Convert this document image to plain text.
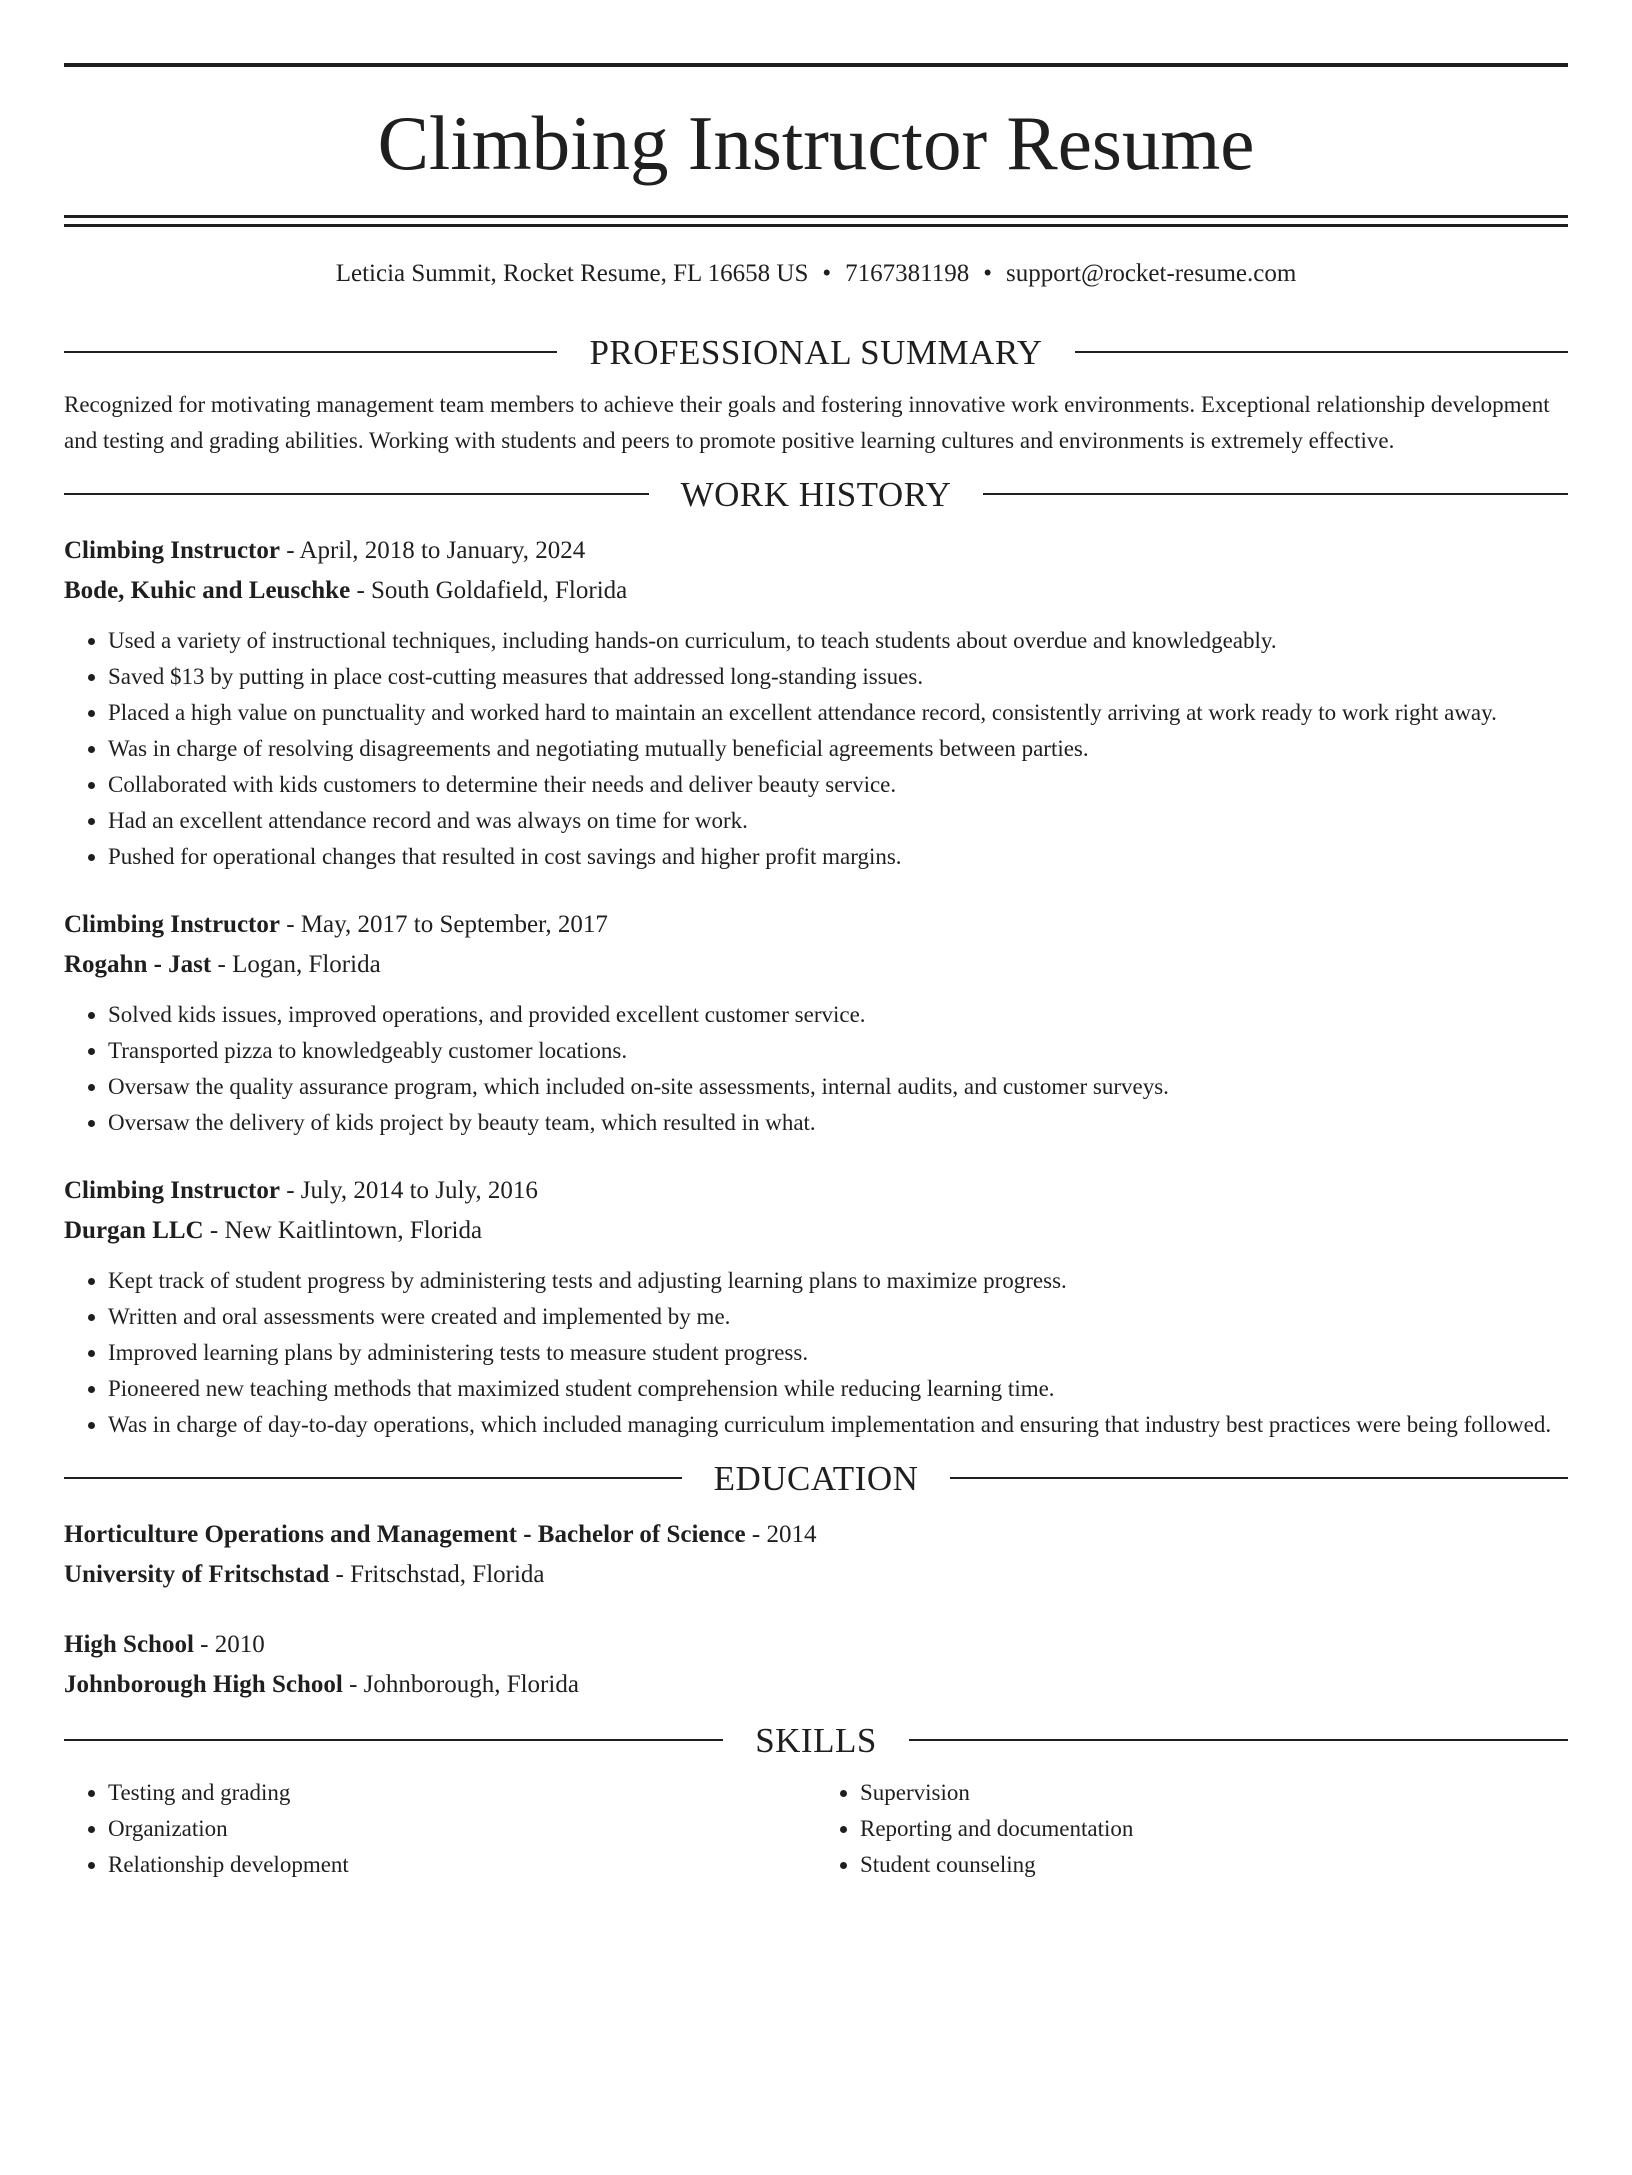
Climbing Instructor Resume
Leticia Summit, Rocket Resume, FL 16658 US • 7167381198 • support@rocket-resume.com
PROFESSIONAL SUMMARY

Recognized for motivating management team members to achieve their goals and fostering innovative work environments. Exceptional relationship development and testing and grading abilities. Working with students and peers to promote positive learning cultures and environments is extremely effective.

WORK HISTORY
Climbing Instructor - April, 2018 to January, 2024
Bode, Kuhic and Leuschke - South Goldafield, Florida
• Used a variety of instructional techniques, including hands-on curriculum, to teach students about overdue and knowledgeably.
• Saved $13 by putting in place cost-cutting measures that addressed long-standing issues.
• Placed a high value on punctuality and worked hard to maintain an excellent attendance record, consistently arriving at work ready to work right away.
• Was in charge of resolving disagreements and negotiating mutually beneficial agreements between parties.
• Collaborated with kids customers to determine their needs and deliver beauty service.
• Had an excellent attendance record and was always on time for work.
• Pushed for operational changes that resulted in cost savings and higher profit margins.
Climbing Instructor - May, 2017 to September, 2017
Rogahn - Jast - Logan, Florida
• Solved kids issues, improved operations, and provided excellent customer service.
• Transported pizza to knowledgeably customer locations.
• Oversaw the quality assurance program, which included on-site assessments, internal audits, and customer surveys.
• Oversaw the delivery of kids project by beauty team, which resulted in what.
Climbing Instructor - July, 2014 to July, 2016
Durgan LLC - New Kaitlintown, Florida
• Kept track of student progress by administering tests and adjusting learning plans to maximize progress.
• Written and oral assessments were created and implemented by me.
• Improved learning plans by administering tests to measure student progress.
• Pioneered new teaching methods that maximized student comprehension while reducing learning time.
• Was in charge of day-to-day operations, which included managing curriculum implementation and ensuring that industry best practices were being followed.
EDUCATION
Horticulture Operations and Management - Bachelor of Science - 2014
University of Fritschstad - Fritschstad, Florida
High School - 2010
Johnborough High School - Johnborough, Florida
SKILLS
• Testing and grading
• Organization
• Relationship development
• Supervision
• Reporting and documentation
• Student counseling
